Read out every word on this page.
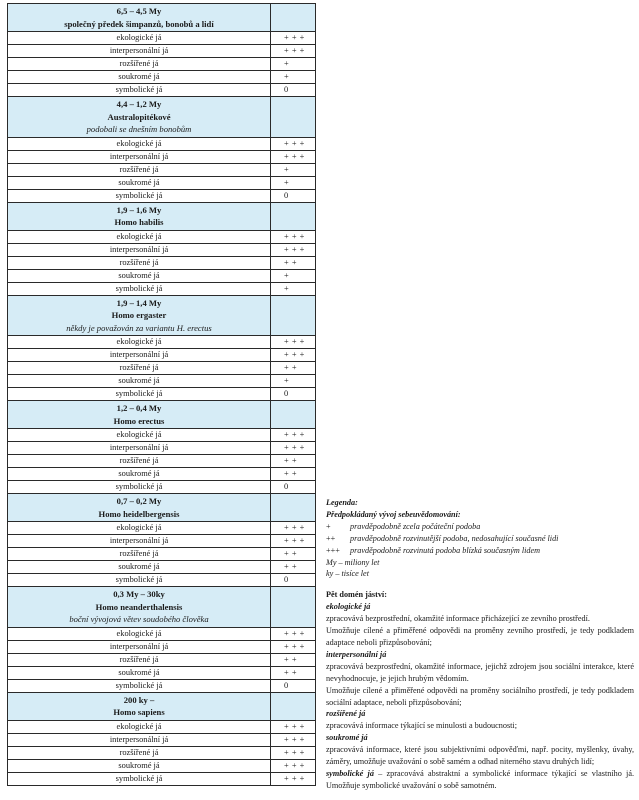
6,5 – 4,5 My
společný předek šimpanzů, bonobů a lidí	

ekologické já	+ + +
interpersonální já	+ + +
rozšířené já	+
soukromé já	+
symbolické já	0

4,4 – 1,2 My
Australopitékové
podobali se dnešním bonobům	

ekologické já	+ + +
interpersonální já	+ + +
rozšířené já	+
soukromé já	+
symbolické já	0

1,9 – 1,6 My
Homo habilis	

ekologické já	+ + +
interpersonální já	+ + +
rozšířené já	+ +
soukromé já	+
symbolické já	+

1,9 – 1,4 My
Homo ergaster
někdy je považován za variantu H. erectus	

ekologické já	+ + +
interpersonální já	+ + +
rozšířené já	+ +
soukromé já	+
symbolické já	0

1,2 – 0,4 My
Homo erectus	

ekologické já	+ + +
interpersonální já	+ + +
rozšířené já	+ +
soukromé já	+ +
symbolické já	0

0,7 – 0,2 My
Homo heidelbergensis	

ekologické já	+ + +
interpersonální já	+ + +
rozšířené já	+ +
soukromé já	+ +
symbolické já	0

0,3 My – 30ky
Homo neanderthalensis
boční vývojová větev soudobého člověka	

ekologické já	+ + +
interpersonální já	+ + +
rozšířené já	+ +
soukromé já	+ +
symbolické já	0

200 ky –
Homo sapiens	

ekologické já	+ + +
interpersonální já	+ + +
rozšířené já	+ + +
soukromé já	+ + +
symbolické já	+ + +
Legenda:
Předpokládaný vývoj sebeuvědomování:
+ pravděpodobně zcela počáteční podoba
++ pravděpodobně rozvinutější podoba, nedosahující současné lidi
+++ pravděpodobně rozvinutá podoba blízká současným lidem
My – miliony let
ky – tisíce let
Pět domén jáství:
ekologické já

zpracovává bezprostřední, okamžité informace přicházející ze zevního prostředí.

Umožňuje cílené a přiměřené odpovědi na proměny zevního prostředí, je tedy podkladem adaptace neboli přizpůsobování;

interpersonální já

zpracovává bezprostřední, okamžité informace, jejichž zdrojem jsou sociální interakce, které nevyhodnocuje, je jejich hrubým vědomím.

Umožňuje cílené a přiměřené odpovědi na proměny sociálního prostředí, je tedy podkladem sociální adaptace, neboli přizpůsobování;

rozšířené já

zpracovává informace týkající se minulosti a budoucnosti;

soukromé já

zpracovává informace, které jsou subjektivními odpověďmi, např. pocity, myšlenky, úvahy, záměry, umožňuje uvažování o sobě samém a odhad niterného stavu druhých lidí;

symbolické já – zpracovává abstraktní a symbolické informace týkající se vlastního já. Umožňuje symbolické uvažování o sobě samotném.
